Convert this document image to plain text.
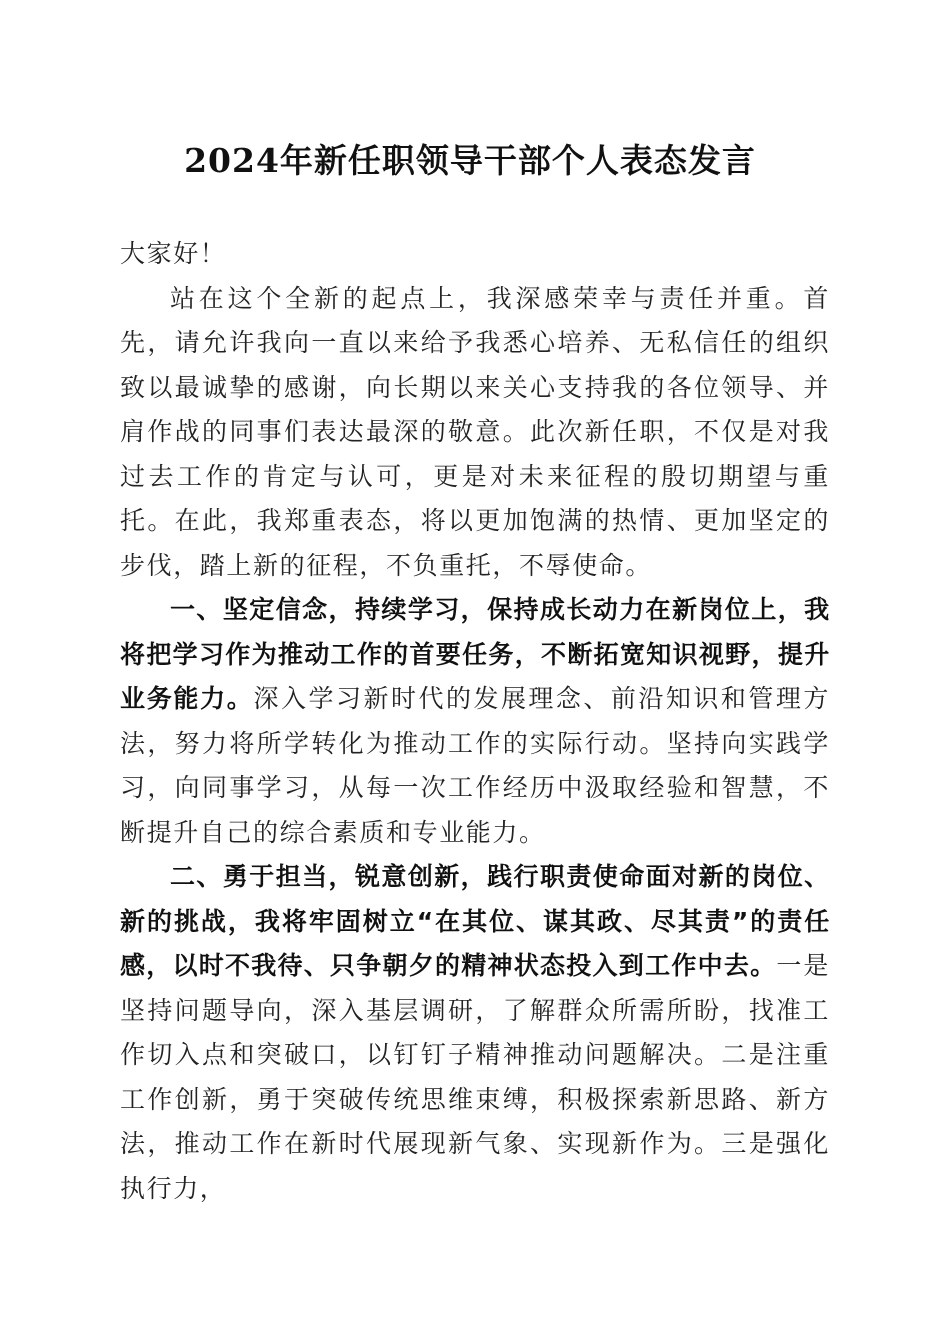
2024年新任职领导干部个人表态发言

大家好！

站在这个全新的起点上，我深感荣幸与责任并重。首先，请允许我向一直以来给予我悉心培养、无私信任的组织致以最诚挚的感谢，向长期以来关心支持我的各位领导、并肩作战的同事们表达最深的敬意。此次新任职，不仅是对我过去工作的肯定与认可，更是对未来征程的殷切期望与重托。在此，我郑重表态，将以更加饱满的热情、更加坚定的步伐，踏上新的征程，不负重托，不辱使命。

一、坚定信念，持续学习，保持成长动力在新岗位上，我将把学习作为推动工作的首要任务，不断拓宽知识视野，提升业务能力。深入学习新时代的发展理念、前沿知识和管理方法，努力将所学转化为推动工作的实际行动。坚持向实践学习，向同事学习，从每一次工作经历中汲取经验和智慧，不断提升自己的综合素质和专业能力。

二、勇于担当，锐意创新，践行职责使命面对新的岗位、新的挑战，我将牢固树立“在其位、谋其政、尽其责”的责任感，以时不我待、只争朝夕的精神状态投入到工作中去。一是坚持问题导向，深入基层调研，了解群众所需所盼，找准工作切入点和突破口，以钉钉子精神推动问题解决。二是注重工作创新，勇于突破传统思维束缚，积极探索新思路、新方法，推动工作在新时代展现新气象、实现新作为。三是强化执行力，
